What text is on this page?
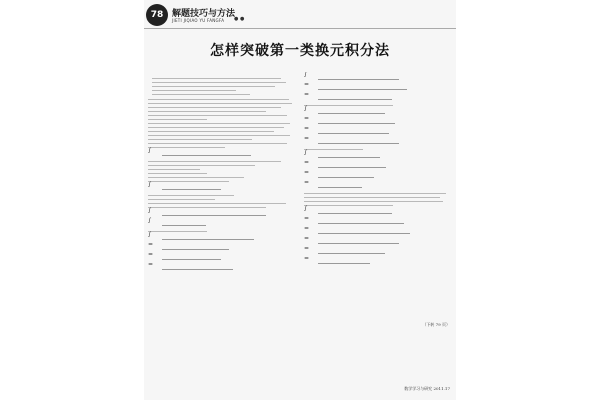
78 解题技巧与方法
JIETI JIQIAO YU FANGFA ● ●
怎样突破第一类换元积分法
∫
∫
∫
∫
∫
=
=
=
∫
=
=
∫
=
=
=
∫
=
=
=
∫
=
=
=
=
=
（下转 79 页）
数学学习与研究 2011.17
